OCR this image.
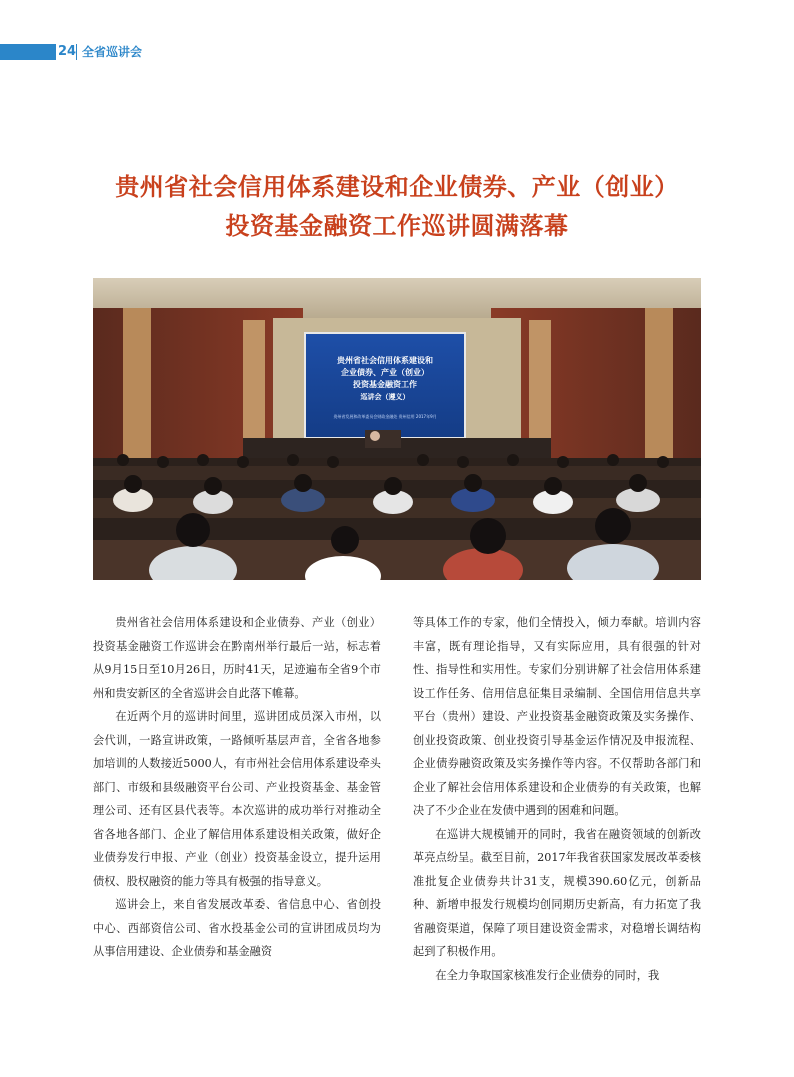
24 全省巡讲会
贵州省社会信用体系建设和企业债券、产业（创业）
投资基金融资工作巡讲圆满落幕
贵州省社会信用体系建设和
企业债券、产业（创业）
投资基金融资工作
巡讲会（遵义）
贵州省发展和改革委员会财政金融处 贵州信用 2017年9月

贵州省社会信用体系建设和企业债券、产业（创业）投资基金融资工作巡讲会在黔南州举行最后一站，标志着从9月15日至10月26日，历时41天，足迹遍布全省9个市州和贵安新区的全省巡讲会自此落下帷幕。

在近两个月的巡讲时间里，巡讲团成员深入市州，以会代训，一路宣讲政策，一路倾听基层声音，全省各地参加培训的人数接近5000人，有市州社会信用体系建设牵头部门、市级和县级融资平台公司、产业投资基金、基金管理公司、还有区县代表等。本次巡讲的成功举行对推动全省各地各部门、企业了解信用体系建设相关政策，做好企业债券发行申报、产业（创业）投资基金设立，提升运用债权、股权融资的能力等具有极强的指导意义。

巡讲会上，来自省发展改革委、省信息中心、省创投中心、西部资信公司、省水投基金公司的宣讲团成员均为从事信用建设、企业债券和基金融资

等具体工作的专家，他们全情投入，倾力奉献。培训内容丰富，既有理论指导，又有实际应用，具有很强的针对性、指导性和实用性。专家们分别讲解了社会信用体系建设工作任务、信用信息征集目录编制、全国信用信息共享平台（贵州）建设、产业投资基金融资政策及实务操作、创业投资政策、创业投资引导基金运作情况及申报流程、企业债券融资政策及实务操作等内容。不仅帮助各部门和企业了解社会信用体系建设和企业债券的有关政策，也解决了不少企业在发债中遇到的困难和问题。

在巡讲大规模铺开的同时，我省在融资领域的创新改革亮点纷呈。截至目前，2017年我省获国家发展改革委核准批复企业债券共计31支，规模390.60亿元，创新品种、新增申报发行规模均创同期历史新高，有力拓宽了我省融资渠道，保障了项目建设资金需求，对稳增长调结构起到了积极作用。

在全力争取国家核准发行企业债券的同时，我
